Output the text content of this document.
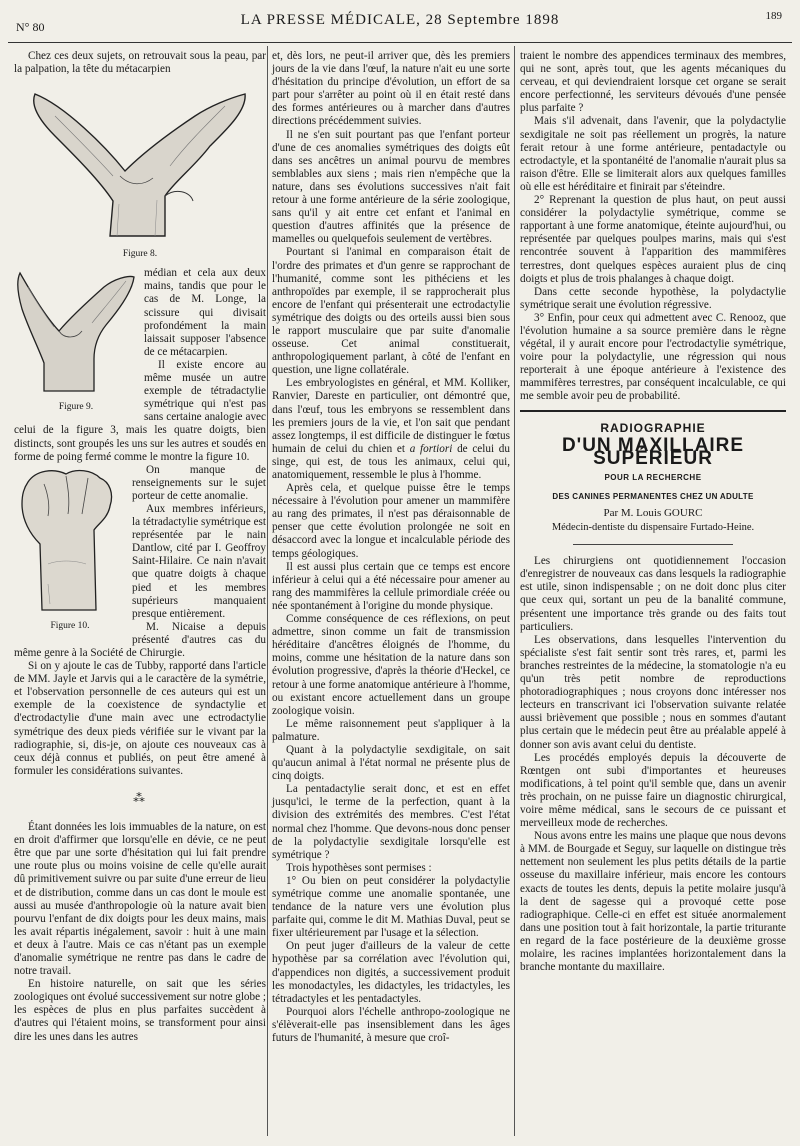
N° 80	LA PRESSE MÉDICALE, 28 Septembre 1898	189

Chez ces deux sujets, on retrouvait sous la peau, par la palpation, la tête du métacarpien

Figure 8.
Figure 9.

médian et cela aux deux mains, tandis que pour le cas de M. Longe, la scissure qui divisait profondément la main laissait supposer l'absence de ce métacarpien.

Il existe encore au même musée un autre exemple de tétradactylie symétrique qui n'est pas sans certaine analogie avec celui de la figure 3, mais les quatre doigts, bien distincts, sont groupés les uns sur les autres et soudés en forme de poing fermé comme le montre la figure 10.

Figure 10.

On manque de renseignements sur le sujet porteur de cette anomalie.

Aux membres inférieurs, la tétradactylie symétrique est représentée par le nain Dantlow, cité par I. Geoffroy Saint-Hilaire. Ce nain n'avait que quatre doigts à chaque pied et les membres supérieurs manquaient presque entièrement.

M. Nicaise a depuis présenté d'autres cas du même genre à la Société de Chirurgie.

Si on y ajoute le cas de Tubby, rapporté dans l'article de MM. Jayle et Jarvis qui a le caractère de la symétrie, et l'observation personnelle de ces auteurs qui est un exemple de la coexistence de syndactylie et d'ectrodactylie d'une main avec une ectrodactylie symétrique des deux pieds vérifiée sur le vivant par la radiographie, si, dis-je, on ajoute ces nouveaux cas à ceux déjà connus et publiés, on peut être amené à formuler les considérations suivantes.

⁂

Étant données les lois immuables de la nature, on est en droit d'affirmer que lorsqu'elle en dévie, ce ne peut être que par une sorte d'hésitation qui lui fait prendre une route plus ou moins voisine de celle qu'elle aurait dû primitivement suivre ou par suite d'une erreur de lieu et de distribution, comme dans un cas dont le moule est aussi au musée d'anthropologie où la nature avait bien pourvu l'enfant de dix doigts pour les deux mains, mais les avait répartis inégalement, savoir : huit à une main et deux à l'autre. Mais ce cas n'étant pas un exemple d'anomalie symétrique ne rentre pas dans le cadre de notre travail.

En histoire naturelle, on sait que les séries zoologiques ont évolué successivement sur notre globe ; les espèces de plus en plus parfaites succèdent à d'autres qui l'étaient moins, se transforment pour ainsi dire les unes dans les autres

et, dès lors, ne peut-il arriver que, dès les premiers jours de la vie dans l'œuf, la nature n'ait eu une sorte d'hésitation du principe d'évolution, un effort de sa part pour s'arrêter au point où il en était resté dans des formes antérieures ou à marcher dans d'autres directions précédemment suivies.

Il ne s'en suit pourtant pas que l'enfant porteur d'une de ces anomalies symétriques des doigts eût dans ses ancêtres un animal pourvu de membres semblables aux siens ; mais rien n'empêche que la nature, dans ses évolutions successives n'ait fait retour à une forme antérieure de la série zoologique, sans qu'il y ait entre cet enfant et l'animal en question d'autres affinités que la présence de mamelles ou quelquefois seulement de vertèbres.

Pourtant si l'animal en comparaison était de l'ordre des primates et d'un genre se rapprochant de l'humanité, comme sont les pithéciens et les anthropoïdes par exemple, il se rapprocherait plus encore de l'enfant qui présenterait une ectrodactylie symétrique des doigts ou des orteils aussi bien sous le rapport musculaire que par suite d'anomalie osseuse. Cet animal constituerait, anthropologiquement parlant, à côté de l'enfant en question, une ligne collatérale.

Les embryologistes en général, et MM. Kolliker, Ranvier, Dareste en particulier, ont démontré que, dans l'œuf, tous les embryons se ressemblent dans les premiers jours de la vie, et l'on sait que pendant assez longtemps, il est difficile de distinguer le fœtus humain de celui du chien et a fortiori de celui du singe, qui est, de tous les animaux, celui qui, anatomiquement, ressemble le plus à l'homme.

Après cela, et quelque puisse être le temps nécessaire à l'évolution pour amener un mammifère au rang des primates, il n'est pas déraisonnable de penser que cette évolution prolongée ne soit en désaccord avec la longue et incalculable période des temps géologiques.

Il est aussi plus certain que ce temps est encore inférieur à celui qui a été nécessaire pour amener au rang des mammifères la cellule primordiale créée ou née spontanément à l'origine du monde physique.

Comme conséquence de ces réflexions, on peut admettre, sinon comme un fait de transmission héréditaire d'ancêtres éloignés de l'homme, du moins, comme une hésitation de la nature dans son évolution progressive, d'après la théorie d'Heckel, ce retour à une forme anatomique antérieure à l'homme, ou existant encore actuellement dans un groupe zoologique voisin.

Le même raisonnement peut s'appliquer à la palmature.

Quant à la polydactylie sexdigitale, on sait qu'aucun animal à l'état normal ne présente plus de cinq doigts.

La pentadactylie serait donc, et est en effet jusqu'ici, le terme de la perfection, quant à la division des extrémités des membres. C'est l'état normal chez l'homme. Que devons-nous donc penser de la polydactylie sexdigitale lorsqu'elle est symétrique ?

Trois hypothèses sont permises :

1° Ou bien on peut considérer la polydactylie symétrique comme une anomalie spontanée, une tendance de la nature vers une évolution plus parfaite qui, comme le dit M. Mathias Duval, peut se fixer ultérieurement par l'usage et la sélection.

On peut juger d'ailleurs de la valeur de cette hypothèse par sa corrélation avec l'évolution qui, d'appendices non digités, a successivement produit les monodactyles, les didactyles, les tridactyles, les tétradactyles et les pentadactyles.

Pourquoi alors l'échelle anthropo-zoologique ne s'élèverait-elle pas insensiblement dans les âges futurs de l'humanité, à mesure que croî-

traient le nombre des appendices terminaux des membres, qui ne sont, après tout, que les agents mécaniques du cerveau, et qui deviendraient lorsque cet organe se serait encore perfectionné, les serviteurs dévoués d'une pensée plus parfaite ?

Mais s'il advenait, dans l'avenir, que la polydactylie sexdigitale ne soit pas réellement un progrès, la nature ferait retour à une forme antérieure, pentadactyle ou ectrodactyle, et la spontanéité de l'anomalie n'aurait plus sa raison d'être. Elle se limiterait alors aux quelques familles où elle est héréditaire et finirait par s'éteindre.

2° Reprenant la question de plus haut, on peut aussi considérer la polydactylie symétrique, comme se rapportant à une forme anatomique, éteinte aujourd'hui, ou représentée par quelques poulpes marins, mais qui s'est rencontrée souvent à l'apparition des mammifères terrestres, dont quelques espèces auraient plus de cinq doigts et plus de trois phalanges à chaque doigt.

Dans cette seconde hypothèse, la polydactylie symétrique serait une évolution régressive.

3° Enfin, pour ceux qui admettent avec C. Renooz, que l'évolution humaine a sa source première dans le règne végétal, il y aurait encore pour l'ectrodactylie symétrique, voire pour la polydactylie, une régression qui nous reporterait à une époque antérieure à l'existence des mammifères terrestres, par conséquent incalculable, ce qui me semble avoir peu de probabilité.

RADIOGRAPHIE
D'UN MAXILLAIRE SUPÉRIEUR
POUR LA RECHERCHE
DES CANINES PERMANENTES CHEZ UN ADULTE
Par M. Louis GOURC
Médecin-dentiste du dispensaire Furtado-Heine.

Les chirurgiens ont quotidiennement l'occasion d'enregistrer de nouveaux cas dans lesquels la radiographie est utile, sinon indispensable ; on ne doit donc plus citer que ceux qui, sortant un peu de la banalité commune, présentent une importance très grande ou des faits tout particuliers.

Les observations, dans lesquelles l'intervention du spécialiste s'est fait sentir sont très rares, et, parmi les branches restreintes de la médecine, la stomatologie n'a eu qu'un très petit nombre de reproductions photoradiographiques ; nous croyons donc intéresser nos lecteurs en transcrivant ici l'observation suivante relatée aussi brièvement que possible ; nous en sommes d'autant plus certain que le médecin peut être au préalable appelé à donner son avis avant celui du dentiste.

Les procédés employés depuis la découverte de Rœntgen ont subi d'importantes et heureuses modifications, à tel point qu'il semble que, dans un avenir très prochain, on ne puisse faire un diagnostic chirurgical, voire même médical, sans le secours de ce puissant et merveilleux mode de recherches.

Nous avons entre les mains une plaque que nous devons à MM. de Bourgade et Seguy, sur laquelle on distingue très nettement non seulement les plus petits détails de la partie osseuse du maxillaire inférieur, mais encore les contours exacts de toutes les dents, depuis la petite molaire jusqu'à la dent de sagesse qui a provoqué cette pose radiographique. Celle-ci en effet est située anormalement dans une position tout à fait horizontale, la partie triturante en regard de la face postérieure de la deuxième grosse molaire, les racines implantées horizontalement dans la branche montante du maxillaire.
